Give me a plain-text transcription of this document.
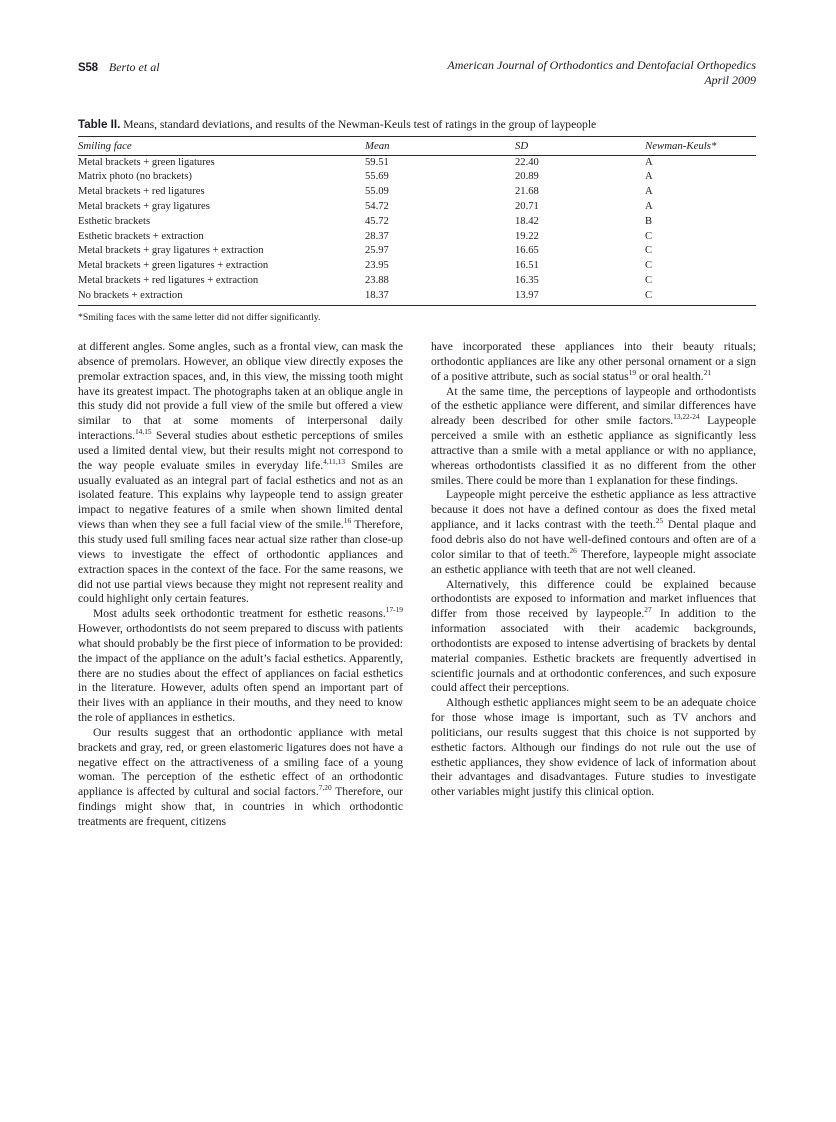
S58 Berto et al	American Journal of Orthodontics and Dentofacial Orthopedics
April 2009
Table II. Means, standard deviations, and results of the Newman-Keuls test of ratings in the group of laypeople
Smiling face	Mean	SD	Newman-Keuls*
Metal brackets + green ligatures	59.51	22.40	A
Matrix photo (no brackets)	55.69	20.89	A
Metal brackets + red ligatures	55.09	21.68	A
Metal brackets + gray ligatures	54.72	20.71	A
Esthetic brackets	45.72	18.42	B
Esthetic brackets + extraction	28.37	19.22	C
Metal brackets + gray ligatures + extraction	25.97	16.65	C
Metal brackets + green ligatures + extraction	23.95	16.51	C
Metal brackets + red ligatures + extraction	23.88	16.35	C
No brackets + extraction	18.37	13.97	C

*Smiling faces with the same letter did not differ significantly.

at different angles. Some angles, such as a frontal view, can mask the absence of premolars. However, an oblique view directly exposes the premolar extraction spaces, and, in this view, the missing tooth might have its greatest impact. The photographs taken at an oblique angle in this study did not provide a full view of the smile but offered a view similar to that at some moments of interpersonal daily interactions.$^{14,15}$ Several studies about esthetic perceptions of smiles used a limited dental view, but their results might not correspond to the way people evaluate smiles in everyday life.$^{4,11,13}$ Smiles are usually evaluated as an integral part of facial esthetics and not as an isolated feature. This explains why laypeople tend to assign greater impact to negative features of a smile when shown limited dental views than when they see a full facial view of the smile.$^{16}$ Therefore, this study used full smiling faces near actual size rather than close-up views to investigate the effect of orthodontic appliances and extraction spaces in the context of the face. For the same reasons, we did not use partial views because they might not represent reality and could highlight only certain features.

Most adults seek orthodontic treatment for esthetic reasons.$^{17-19}$ However, orthodontists do not seem prepared to discuss with patients what should probably be the first piece of information to be provided: the impact of the appliance on the adult’s facial esthetics. Apparently, there are no studies about the effect of appliances on facial esthetics in the literature. However, adults often spend an important part of their lives with an appliance in their mouths, and they need to know the role of appliances in esthetics.

Our results suggest that an orthodontic appliance with metal brackets and gray, red, or green elastomeric ligatures does not have a negative effect on the attractiveness of a smiling face of a young woman. The perception of the esthetic effect of an orthodontic appliance is affected by cultural and social factors.$^{7,20}$ Therefore, our findings might show that, in countries in which orthodontic treatments are frequent, citizens

have incorporated these appliances into their beauty rituals; orthodontic appliances are like any other personal ornament or a sign of a positive attribute, such as social status$^{19}$ or oral health.$^{21}$

At the same time, the perceptions of laypeople and orthodontists of the esthetic appliance were different, and similar differences have already been described for other smile factors.$^{13,22-24}$ Laypeople perceived a smile with an esthetic appliance as significantly less attractive than a smile with a metal appliance or with no appliance, whereas orthodontists classified it as no different from the other smiles. There could be more than 1 explanation for these findings.

Laypeople might perceive the esthetic appliance as less attractive because it does not have a defined contour as does the fixed metal appliance, and it lacks contrast with the teeth.$^{25}$ Dental plaque and food debris also do not have well-defined contours and often are of a color similar to that of teeth.$^{26}$ Therefore, laypeople might associate an esthetic appliance with teeth that are not well cleaned.

Alternatively, this difference could be explained because orthodontists are exposed to information and market influences that differ from those received by laypeople.$^{27}$ In addition to the information associated with their academic backgrounds, orthodontists are exposed to intense advertising of brackets by dental material companies. Esthetic brackets are frequently advertised in scientific journals and at orthodontic conferences, and such exposure could affect their perceptions.

Although esthetic appliances might seem to be an adequate choice for those whose image is important, such as TV anchors and politicians, our results suggest that this choice is not supported by esthetic factors. Although our findings do not rule out the use of esthetic appliances, they show evidence of lack of information about their advantages and disadvantages. Future studies to investigate other variables might justify this clinical option.
